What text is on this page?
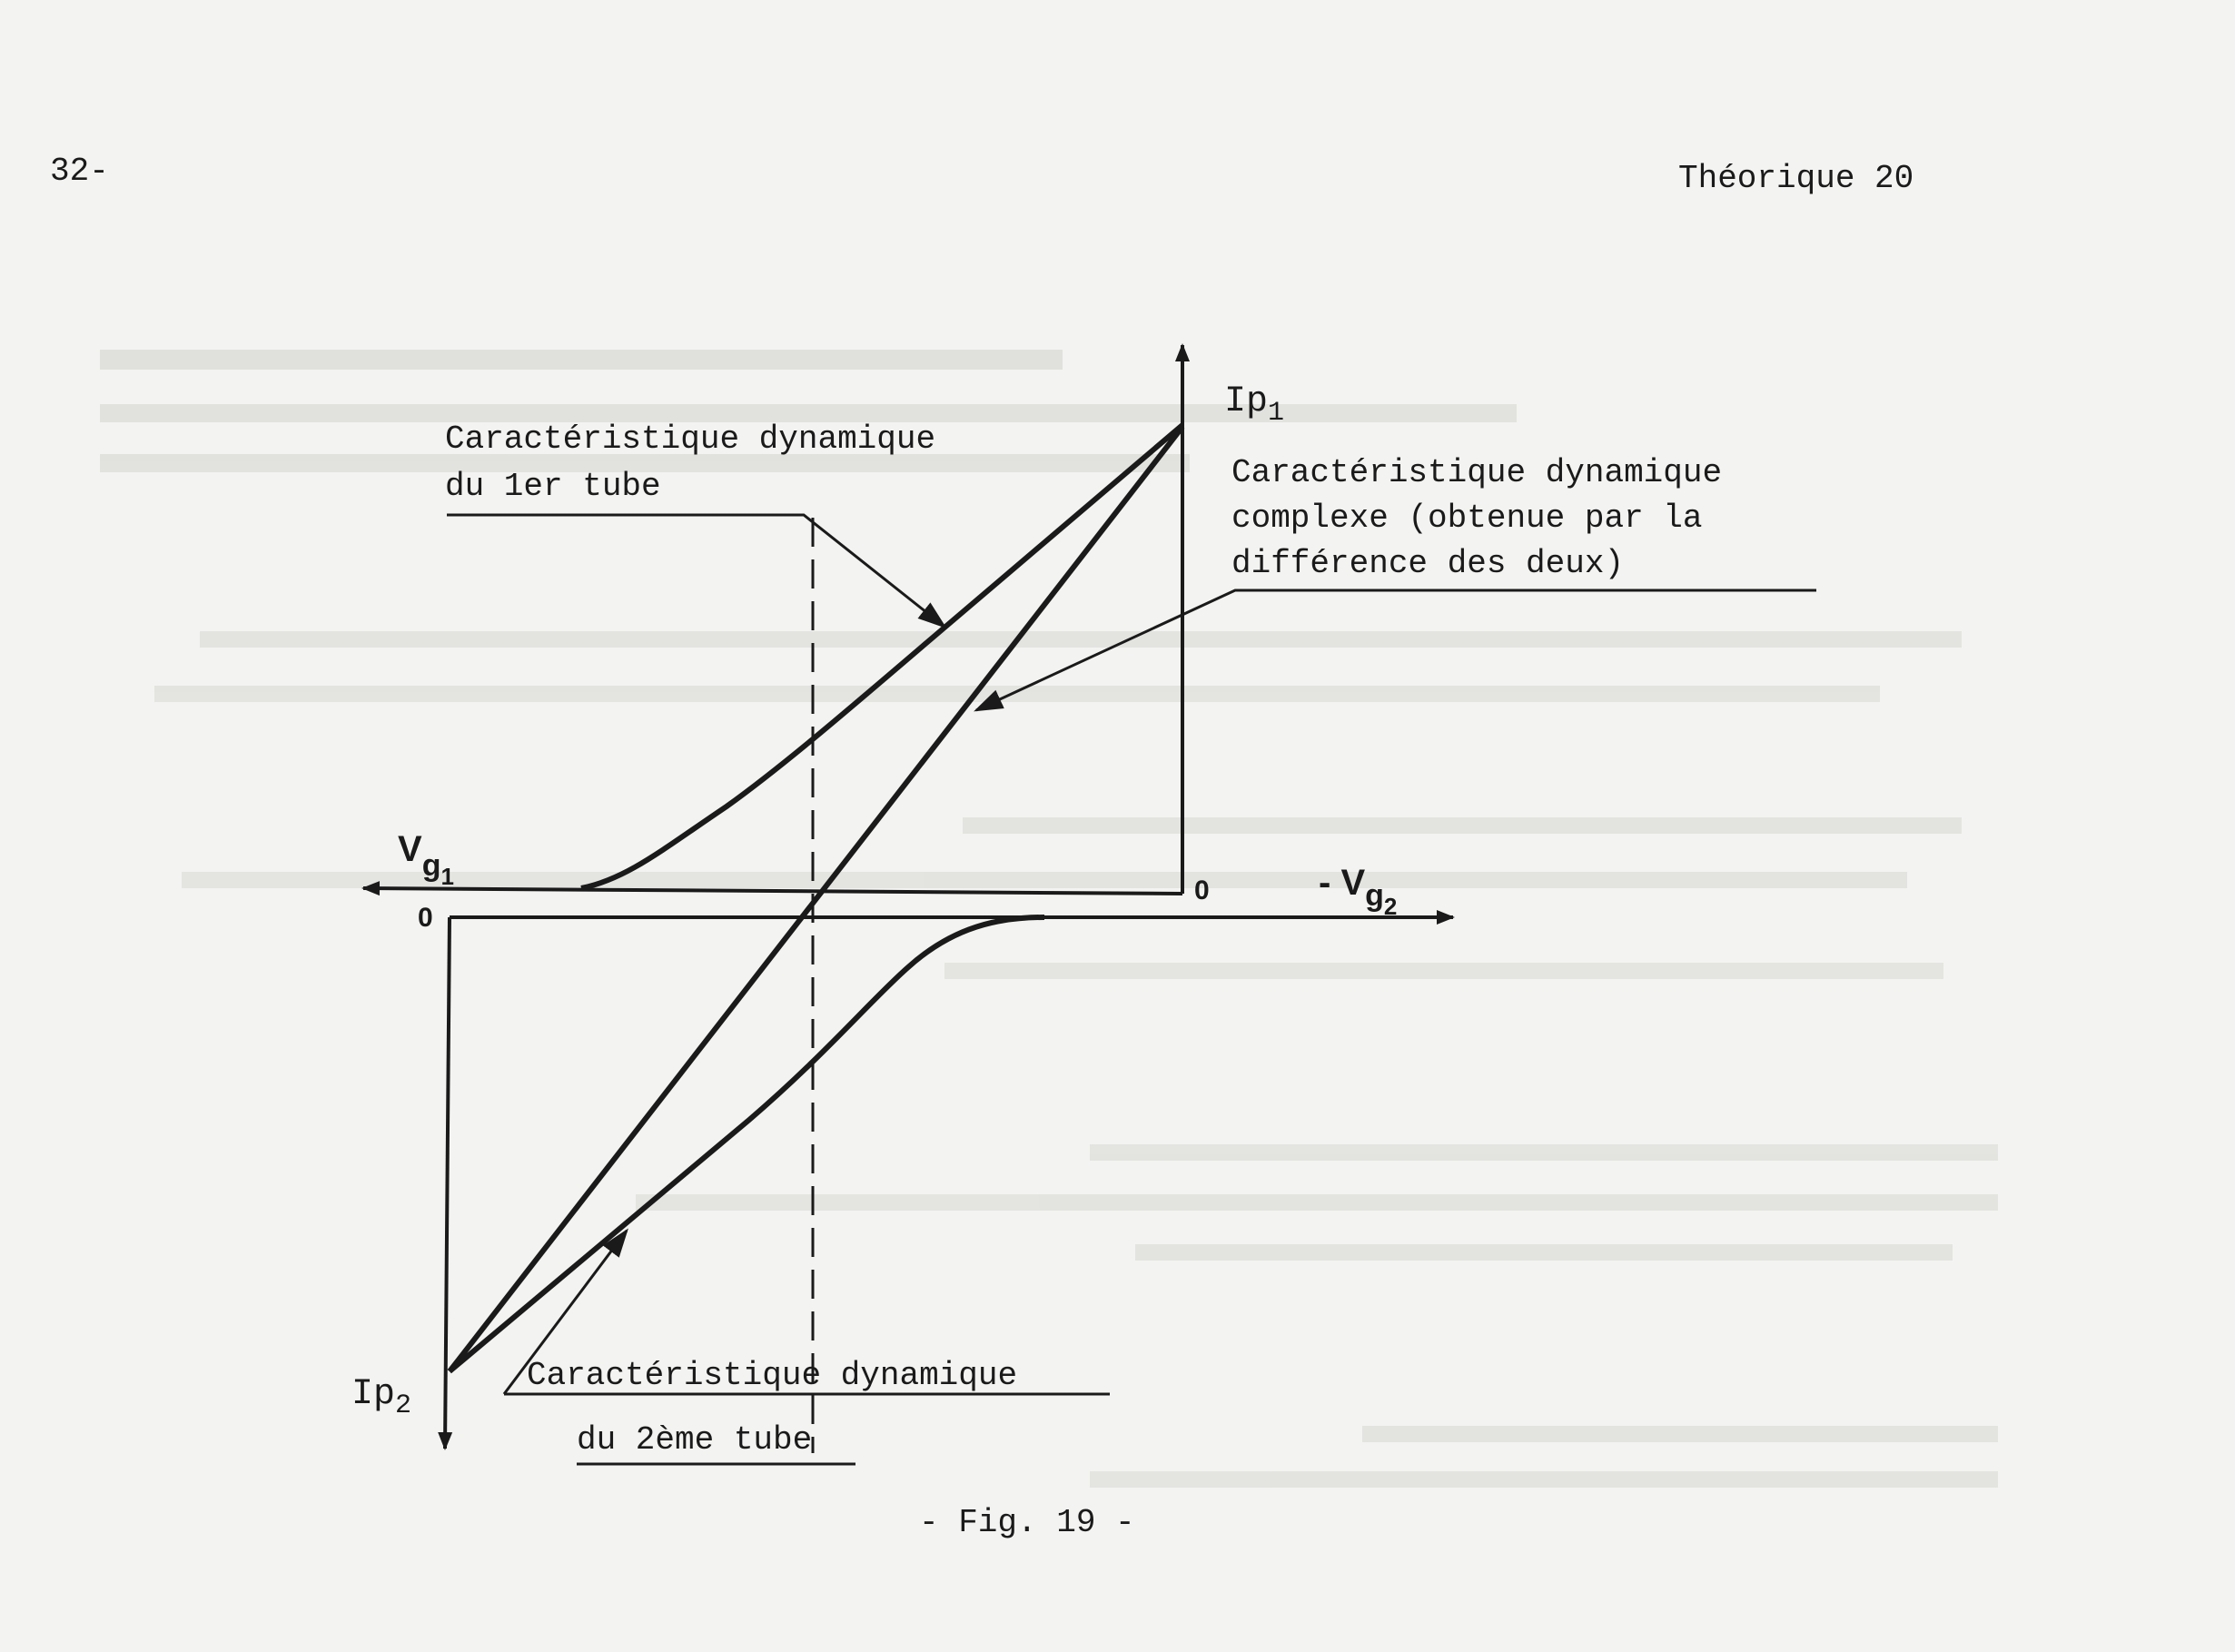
32-	Théorique 20
Caractéristique dynamique
du 1er tube	Caractéristique dynamique
complexe (obtenue par la
différence des deux)
Caractéristique dynamique
du 2ème tube
$Ip_1$
$Ip_2$
$V_{g1}$	- $V_{g2}$
0
0
- Fig. 19 -
